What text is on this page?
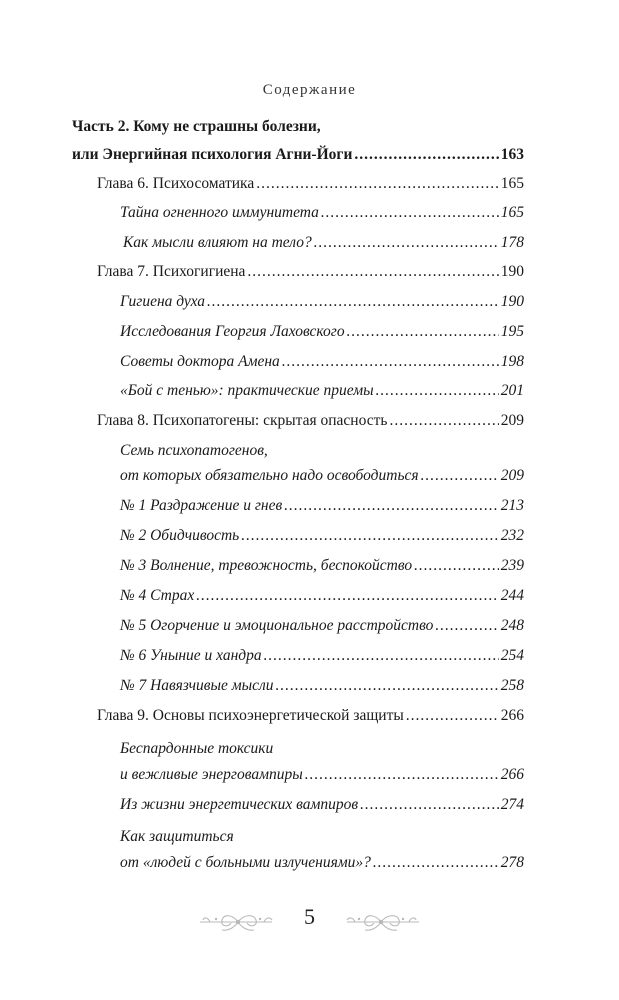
Содержание
Часть 2. Кому не страшны болезни,
или Энергийная психология Агни-Йоги .....	163
Глава 6. Психосоматика .....	165
Тайна огненного иммунитета .....	165
Как мысли влияют на тело? .....	178
Глава 7. Психогигиена .....	190
Гигиена духа .....	190
Исследования Георгия Лаховского .....	195
Советы доктора Амена .....	198
«Бой с тенью»: практические приемы .....	201
Глава 8. Психопатогены: скрытая опасность .....	209
Семь психопатогенов,
от которых обязательно надо освободиться .....	209
№ 1 Раздражение и гнев .....	213
№ 2 Обидчивость .....	232
№ 3 Волнение, тревожность, беспокойство .....	239
№ 4 Страх .....	244
№ 5 Огорчение и эмоциональное расстройство .....	248
№ 6 Уныние и хандра .....	254
№ 7 Навязчивые мысли .....	258
Глава 9. Основы психоэнергетической защиты .....	266
Беспардонные токсики
и вежливые энерговампиры .....	266
Из жизни энергетических вампиров .....	274
Как защититься
от «людей с больными излучениями»? .....	278
5
